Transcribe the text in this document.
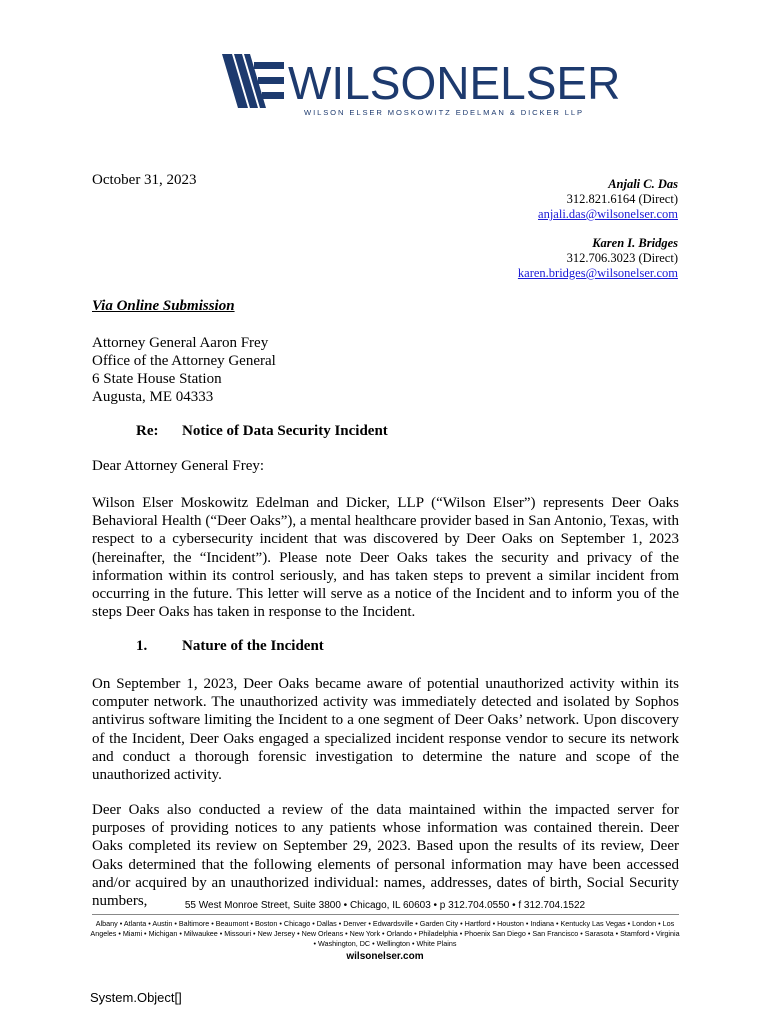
WILSONELSER
WILSON ELSER MOSKOWITZ EDELMAN & DICKER LLP
October 31, 2023	Anjali C. Das
312.821.6164 (Direct)
anjali.das@wilsonelser.com
Karen I. Bridges
312.706.3023 (Direct)
karen.bridges@wilsonelser.com
Via Online Submission
Attorney General Aaron Frey
Office of the Attorney General
6 State House Station
Augusta, ME 04333
Re: Notice of Data Security Incident
Dear Attorney General Frey:
Wilson Elser Moskowitz Edelman and Dicker, LLP (“Wilson Elser”) represents Deer Oaks Behavioral Health (“Deer Oaks”), a mental healthcare provider based in San Antonio, Texas, with respect to a cybersecurity incident that was discovered by Deer Oaks on September 1, 2023 (hereinafter, the “Incident”). Please note Deer Oaks takes the security and privacy of the information within its control seriously, and has taken steps to prevent a similar incident from occurring in the future. This letter will serve as a notice of the Incident and to inform you of the steps Deer Oaks has taken in response to the Incident.
1. Nature of the Incident
On September 1, 2023, Deer Oaks became aware of potential unauthorized activity within its computer network. The unauthorized activity was immediately detected and isolated by Sophos antivirus software limiting the Incident to a one segment of Deer Oaks’ network. Upon discovery of the Incident, Deer Oaks engaged a specialized incident response vendor to secure its network and conduct a thorough forensic investigation to determine the nature and scope of the unauthorized activity.
Deer Oaks also conducted a review of the data maintained within the impacted server for purposes of providing notices to any patients whose information was contained therein. Deer Oaks completed its review on September 29, 2023. Based upon the results of its review, Deer Oaks determined that the following elements of personal information may have been accessed and/or acquired by an unauthorized individual: names, addresses, dates of birth, Social Security numbers,	55 West Monroe Street, Suite 3800 • Chicago, IL 60603 • p 312.704.0550 • f 312.704.1522
Albany • Atlanta • Austin • Baltimore • Beaumont • Boston • Chicago • Dallas • Denver • Edwardsville • Garden City • Hartford • Houston • Indiana • Kentucky Las Vegas • London • Los Angeles • Miami • Michigan • Milwaukee • Missouri • New Jersey • New Orleans • New York • Orlando • Philadelphia • Phoenix San Diego • San Francisco • Sarasota • Stamford • Virginia • Washington, DC • Wellington • White Plains
wilsonelser.com
System.Object[]
